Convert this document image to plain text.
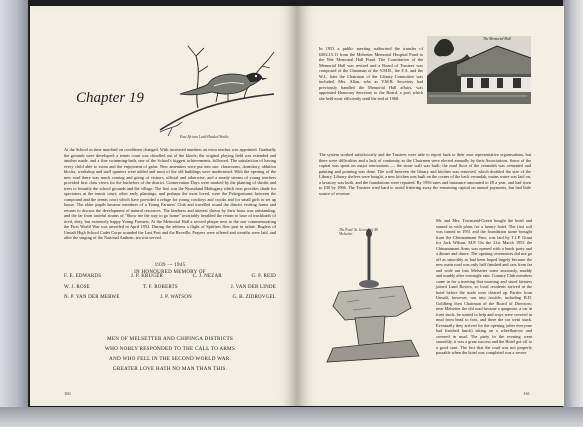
Chapter 19
East African Lead-Headed Shrike
At the School as time marched on conditions changed. With increased numbers an extra teacher was appointed. Gradually the grounds were developed: a tennis court was chiselled out of the kloofs; the original playing field was extended and another made, and a fine swimming-bath, one of the School's biggest achievements, followed. The satisfaction of having every child able to swim and the enjoyment of galas. New amenities were put into use: classrooms, dormitory, ablution blocks, workshop and staff quarters were added and most of the old buildings were modernised. With the opening of the new road there was much coming and going of visitors, official and otherwise, and a steady stream of young teachers provided first class views for the bachelors of the district. Conservation Days were marked by the planting of shrubs and trees to beautify the school grounds and the village. The first was the Nyasaland Mahogany which now provides shade for spectators at the tennis court; other early plantings, and perhaps the most loved, were the Pelargoniums between the compound and the tennis court which have provided a refuge for young cowboys and crooks and for small girls to set up house. The older pupils became members of a Young Farmers' Club and travelled round the district visiting farms and returns to discuss the development of natural resources. The kindness and interest shown by their hosts was outstanding, and the far from tasteful strains of "Show me the way to go home" invariably heralded the return to base of truckloads of tired, dirty, but extremely happy Young Farmers. At the Memorial Hall a second plaque next to the one commemorating the First World War was unveiled in April 1952. During the address a flight of Spitfires flew past in salute. Buglers of Umtali High School Cadet Corps sounded the Last Post and the Reveille. Prayers were offered and wreaths were laid, and after the singing of the National Anthem, tea was served.
1939 — 1945
IN HONOURED MEMORY OF
F. E. EDWARDS	J. P. KRUGER	C. J. NEZAR	G. P. REID
W. J. ROSE	T. F. ROBERTS	J. VAN DER LINDE
N. P. VAN DER MERWE	J. P. WATSON	G. B. ZIDROVGEL
MEN OF MELSETTER AND CHIPINGA DISTRICTS
WHO NOBLY RESPONDED TO THE CALL TO ARMS
AND WHO FELL IN THE SECOND WORLD WAR.
GREATER LOVE HATH NO MAN THAN THIS.
160
In 1953 a public meeting authorised the transfer of £682.15.11 from the Melsetter Memorial Hospital Fund to the War Memorial Hall Fund. The Constitution of the Memorial Hall was revised and a Board of Trustees was composed of the Chairman of the V.M.B., the F.A. and the W.I., later the Chairman of the Library Committee was included. Mrs. Allan, who as V.M.B. Secretary had previously handled the Memorial Hall affairs, was appointed Honorary Secretary to the Board, a post which she held most efficiently until the end of 1968.
The Memorial Hall
The system worked satisfactorily and the Trustees were able to report back to their own representative organisations, but there were difficulties and a lack of continuity as the Chairmen were elected annually by their Associations. Some of the capital was spent on major renovations — the stone wall was built; the mud floor of the verandah was cemented and painting and pointing was done. The wall between the library and kitchen was removed, which doubled the size of the Library. Library shelves were bought, a new kitchen was built on the corner of the back verandah, mains water was laid on, a lavatory was built, and the foundations were repaired. By 1956 rates and insurance amounted to £8 a year, and had risen to £30 by 1966. The Trustees tried hard to avoid frittering away the remaining capital on annual payments, but had little source of revenue.
The Font! St. George of All Melsetter
Mr. and Mrs. Townsend-Green bought the hotel and started in with plans for a luxury hotel. The first soil was turned in 1951 and the foundation stone brought from the Chimanimani Pass, was laid by T.J.P. Grant for Jack Wilson, M.P. On the 21st March 1953 the Chimanimani Arms was opened with a lunch party and a dinner and dance. The opening ceremonies did not go off as smoothly as had been hoped largely because the new main road was only half finished and cars from far and wide ran into Melsetter some anxiously, muddy and muddy after overnight rain. Country Club members came in for a meeting that morning and stood farmers joined Land Rovers, so local residents arrived at the hotel before the roads were cleared up. Parties from Umtali, however, ran into trouble, including B.D. Goldberg then Chairman of the Board of Directors; near Melsetter the old road became a quagmire, a car in front stuck, he started to help and ways were covered in mud from head to foot, and there the car went stuck. Eventually they arrived for the opening (after everyone had finished lunch) sitting on a wheelbarrow and covered in mud. The party in the evening went smoothly, it was a great success and the Hotel got off to a good start. The fact that the road was not properly passable when the hotel was completed was a severe
161
